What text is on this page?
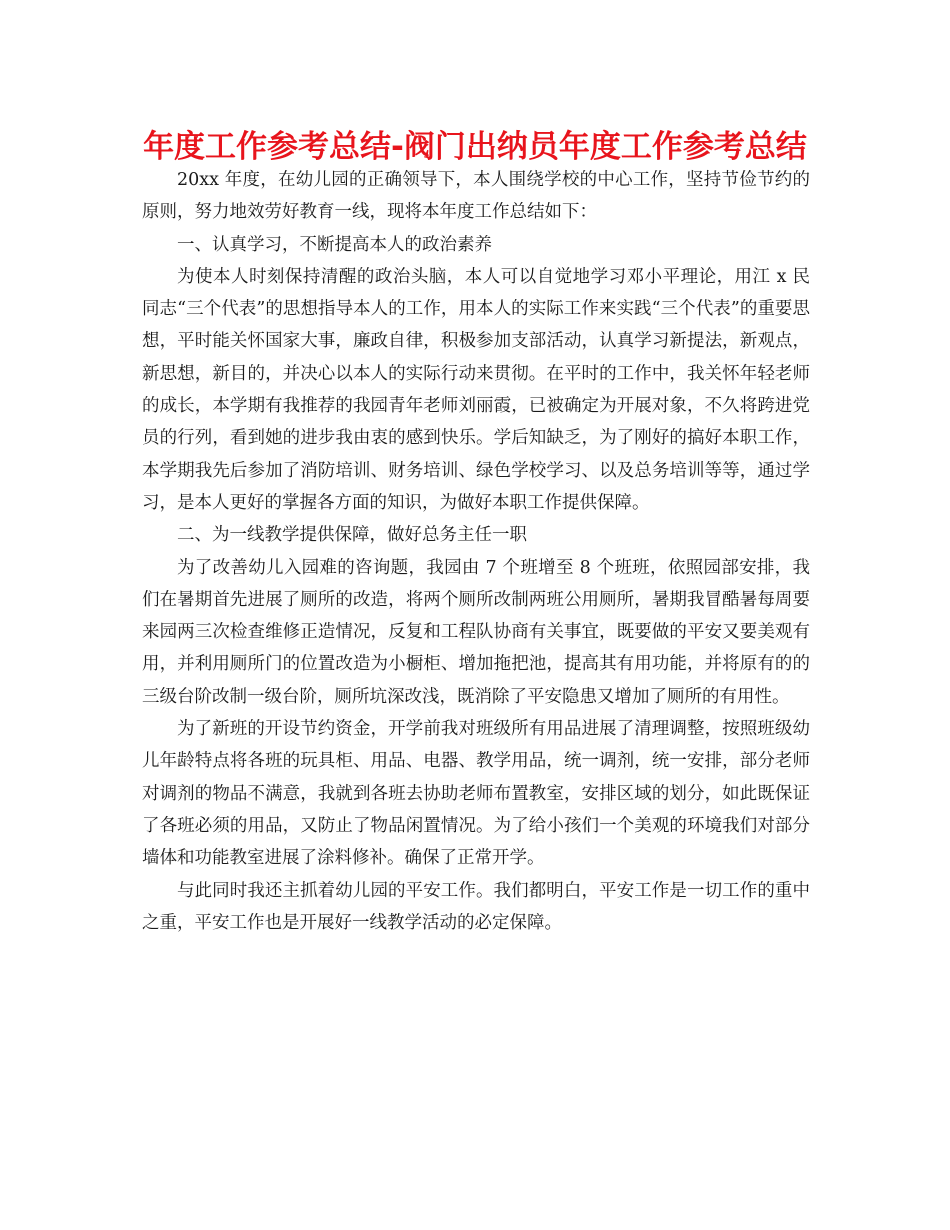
年度工作参考总结-阀门出纳员年度工作参考总结

20xx 年度，在幼儿园的正确领导下，本人围绕学校的中心工作，坚持节俭节约的原则，努力地效劳好教育一线，现将本年度工作总结如下：

一、认真学习，不断提高本人的政治素养

为使本人时刻保持清醒的政治头脑，本人可以自觉地学习邓小平理论，用江 x 民同志“三个代表”的思想指导本人的工作，用本人的实际工作来实践“三个代表”的重要思想，平时能关怀国家大事，廉政自律，积极参加支部活动，认真学习新提法，新观点，新思想，新目的，并决心以本人的实际行动来贯彻。在平时的工作中，我关怀年轻老师的成长，本学期有我推荐的我园青年老师刘丽霞，已被确定为开展对象，不久将跨进党员的行列，看到她的进步我由衷的感到快乐。学后知缺乏，为了刚好的搞好本职工作，本学期我先后参加了消防培训、财务培训、绿色学校学习、以及总务培训等等，通过学习，是本人更好的掌握各方面的知识，为做好本职工作提供保障。

二、为一线教学提供保障，做好总务主任一职

为了改善幼儿入园难的咨询题，我园由 7 个班增至 8 个班班，依照园部安排，我们在暑期首先进展了厕所的改造，将两个厕所改制两班公用厕所，暑期我冒酷暑每周要来园两三次检查维修正造情况，反复和工程队协商有关事宜，既要做的平安又要美观有用，并利用厕所门的位置改造为小橱柜、增加拖把池，提高其有用功能，并将原有的的三级台阶改制一级台阶，厕所坑深改浅，既消除了平安隐患又增加了厕所的有用性。

为了新班的开设节约资金，开学前我对班级所有用品进展了清理调整，按照班级幼儿年龄特点将各班的玩具柜、用品、电器、教学用品，统一调剂，统一安排，部分老师对调剂的物品不满意，我就到各班去协助老师布置教室，安排区域的划分，如此既保证了各班必须的用品，又防止了物品闲置情况。为了给小孩们一个美观的环境我们对部分墙体和功能教室进展了涂料修补。确保了正常开学。

与此同时我还主抓着幼儿园的平安工作。我们都明白，平安工作是一切工作的重中之重，平安工作也是开展好一线教学活动的必定保障。
